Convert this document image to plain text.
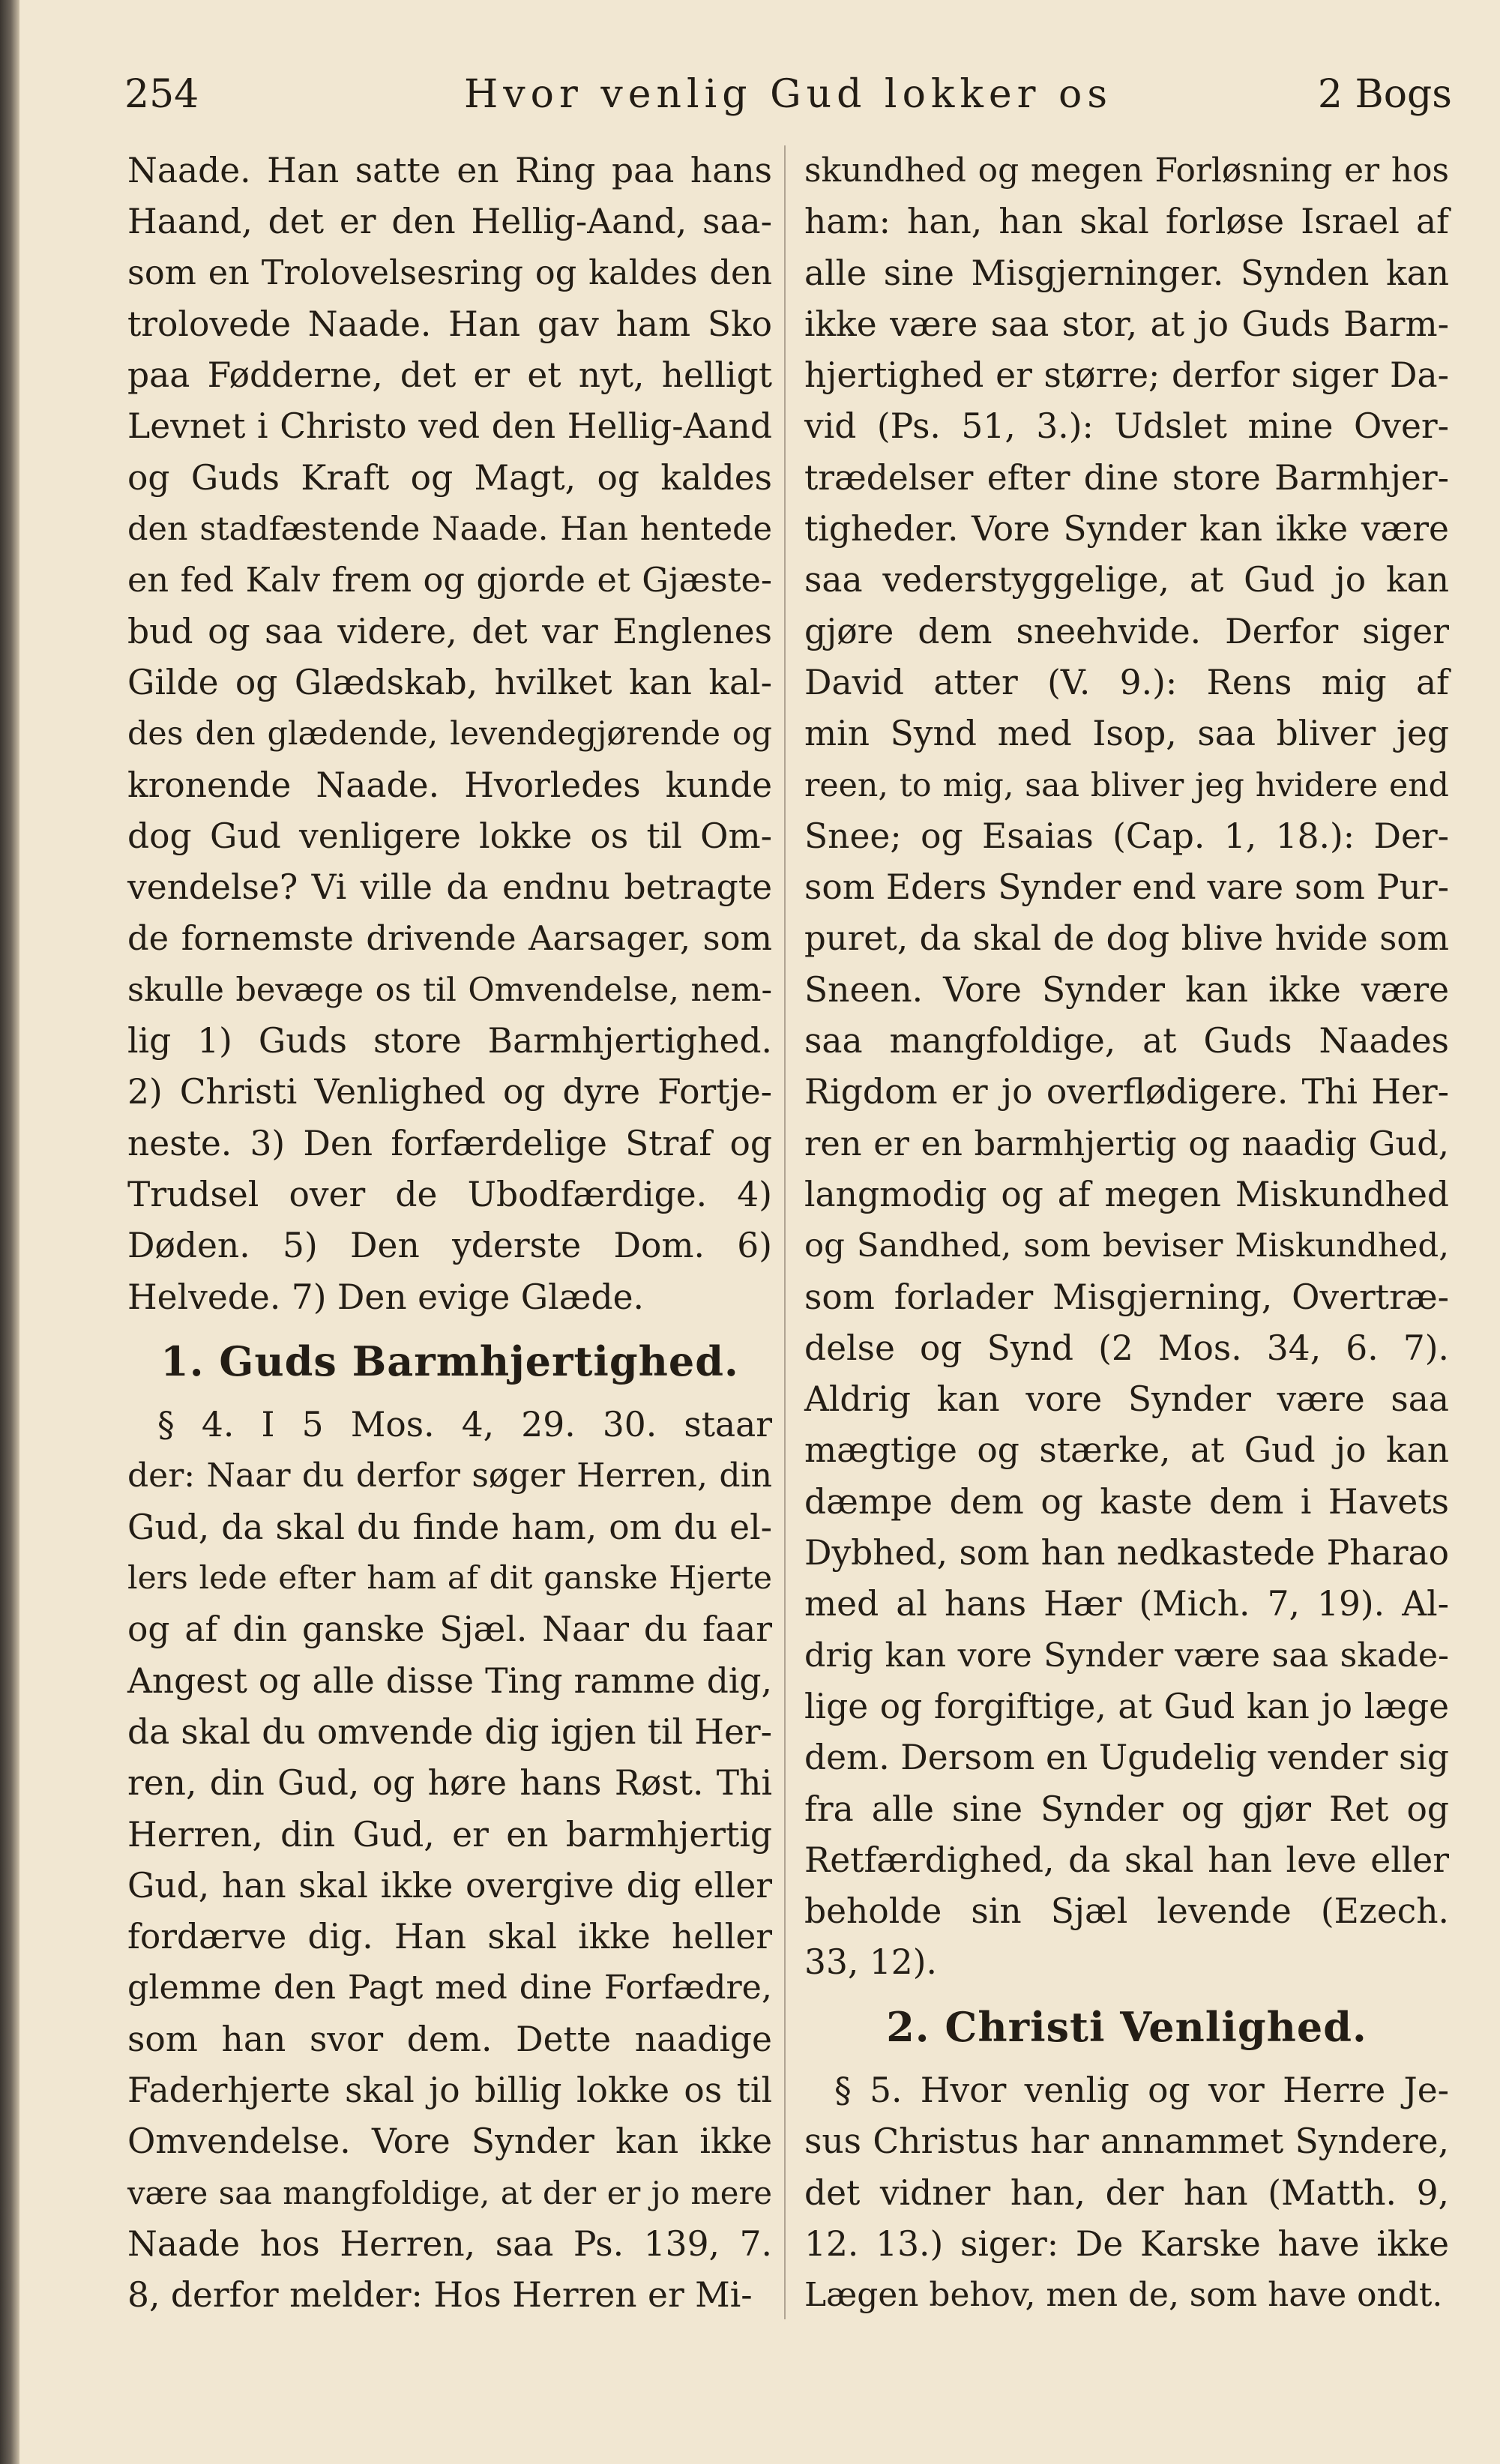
254	Hvor venlig Gud lokker os	2 Bogs
Naade. Han satte en Ring paa hans
Haand, det er den Hellig-Aand, saa-
som en Trolovelsesring og kaldes den
trolovede Naade. Han gav ham Sko
paa Fødderne, det er et nyt, helligt
Levnet i Christo ved den Hellig-Aand
og Guds Kraft og Magt, og kaldes
den stadfæstende Naade. Han hentede
en fed Kalv frem og gjorde et Gjæste-
bud og saa videre, det var Englenes
Gilde og Glædskab, hvilket kan kal-
des den glædende, levendegjørende og
kronende Naade. Hvorledes kunde
dog Gud venligere lokke os til Om-
vendelse? Vi ville da endnu betragte
de fornemste drivende Aarsager, som
skulle bevæge os til Omvendelse, nem-
lig 1) Guds store Barmhjertighed.
2) Christi Venlighed og dyre Fortje-
neste. 3) Den forfærdelige Straf og
Trudsel over de Ubodfærdige. 4)
Døden. 5) Den yderste Dom. 6)
Helvede. 7) Den evige Glæde.
1. Guds Barmhjertighed.
§ 4. I 5 Mos. 4, 29. 30. staar
der: Naar du derfor søger Herren, din
Gud, da skal du finde ham, om du el-
lers lede efter ham af dit ganske Hjerte
og af din ganske Sjæl. Naar du faar
Angest og alle disse Ting ramme dig,
da skal du omvende dig igjen til Her-
ren, din Gud, og høre hans Røst. Thi
Herren, din Gud, er en barmhjertig
Gud, han skal ikke overgive dig eller
fordærve dig. Han skal ikke heller
glemme den Pagt med dine Forfædre,
som han svor dem. Dette naadige
Faderhjerte skal jo billig lokke os til
Omvendelse. Vore Synder kan ikke
være saa mangfoldige, at der er jo mere
Naade hos Herren, saa Ps. 139, 7.
8, derfor melder: Hos Herren er Mi-
skundhed og megen Forløsning er hos
ham: han, han skal forløse Israel af
alle sine Misgjerninger. Synden kan
ikke være saa stor, at jo Guds Barm-
hjertighed er større; derfor siger Da-
vid (Ps. 51, 3.): Udslet mine Over-
trædelser efter dine store Barmhjer-
tigheder. Vore Synder kan ikke være
saa vederstyggelige, at Gud jo kan
gjøre dem sneehvide. Derfor siger
David atter (V. 9.): Rens mig af
min Synd med Isop, saa bliver jeg
reen, to mig, saa bliver jeg hvidere end
Snee; og Esaias (Cap. 1, 18.): Der-
som Eders Synder end vare som Pur-
puret, da skal de dog blive hvide som
Sneen. Vore Synder kan ikke være
saa mangfoldige, at Guds Naades
Rigdom er jo overflødigere. Thi Her-
ren er en barmhjertig og naadig Gud,
langmodig og af megen Miskundhed
og Sandhed, som beviser Miskundhed,
som forlader Misgjerning, Overtræ-
delse og Synd (2 Mos. 34, 6. 7).
Aldrig kan vore Synder være saa
mægtige og stærke, at Gud jo kan
dæmpe dem og kaste dem i Havets
Dybhed, som han nedkastede Pharao
med al hans Hær (Mich. 7, 19). Al-
drig kan vore Synder være saa skade-
lige og forgiftige, at Gud kan jo læge
dem. Dersom en Ugudelig vender sig
fra alle sine Synder og gjør Ret og
Retfærdighed, da skal han leve eller
beholde sin Sjæl levende (Ezech.
33, 12).
2. Christi Venlighed.
§ 5. Hvor venlig og vor Herre Je-
sus Christus har annammet Syndere,
det vidner han, der han (Matth. 9,
12. 13.) siger: De Karske have ikke
Lægen behov, men de, som have ondt.
